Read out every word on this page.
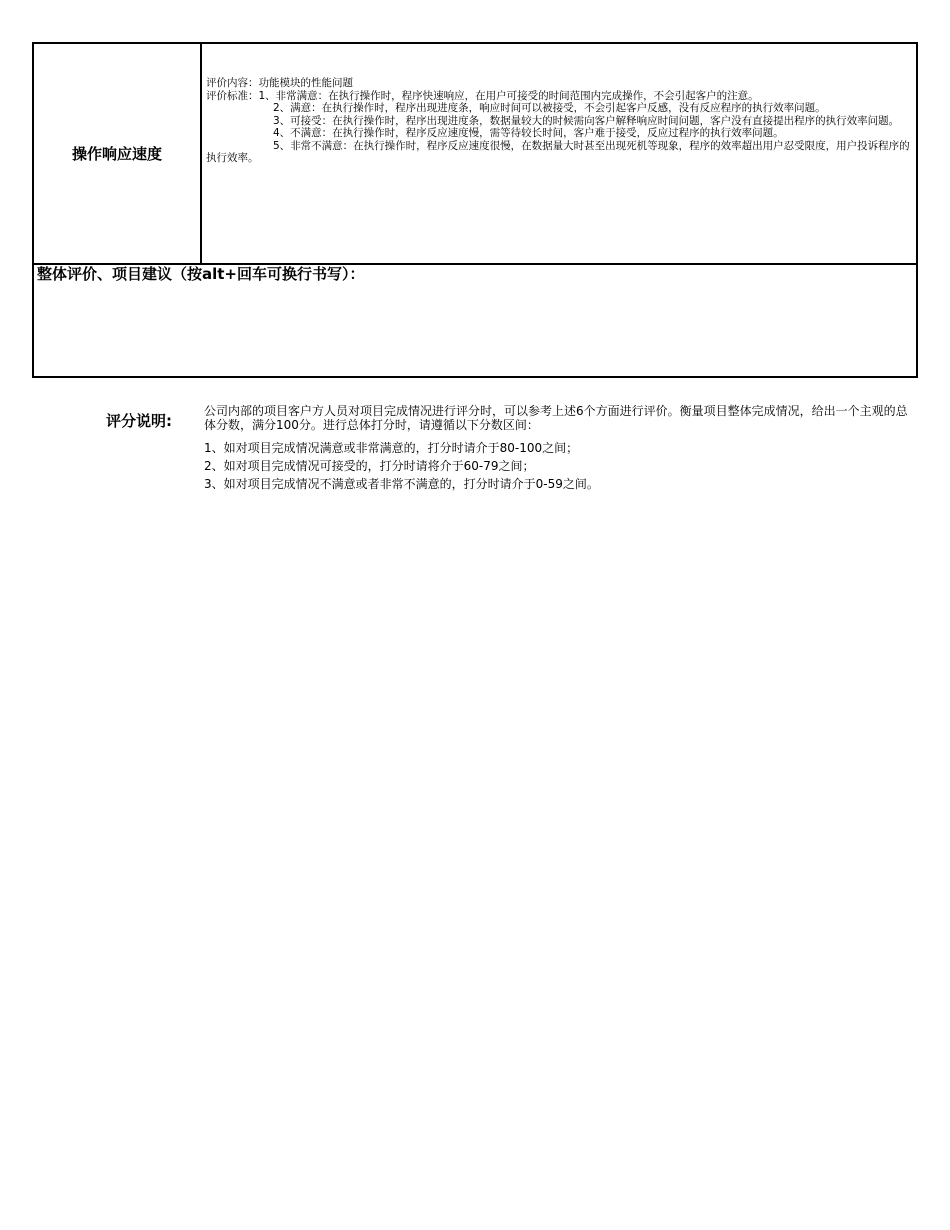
操作响应速度

评价内容：功能模块的性能问题

评价标准：1、非常满意：在执行操作时，程序快速响应，在用户可接受的时间范围内完成操作，不会引起客户的注意。

2、满意：在执行操作时，程序出现进度条，响应时间可以被接受，不会引起客户反感，没有反应程序的执行效率问题。

3、可接受：在执行操作时，程序出现进度条，数据量较大的时候需向客户解释响应时间问题，客户没有直接提出程序的执行效率问题。

4、不满意：在执行操作时，程序反应速度慢，需等待较长时间，客户难于接受，反应过程序的执行效率问题。

5、非常不满意：在执行操作时，程序反应速度很慢，在数据量大时甚至出现死机等现象，程序的效率超出用户忍受限度，用户投诉程序的执行效率。

整体评价、项目建议（按alt+回车可换行书写）：
评分说明:

公司内部的项目客户方人员对项目完成情况进行评分时，可以参考上述6个方面进行评价。衡量项目整体完成情况，给出一个主观的总体分数，满分100分。进行总体打分时，请遵循以下分数区间：

1、如对项目完成情况满意或非常满意的，打分时请介于80-100之间；

2、如对项目完成情况可接受的，打分时请将介于60-79之间；

3、如对项目完成情况不满意或者非常不满意的，打分时请介于0-59之间。
